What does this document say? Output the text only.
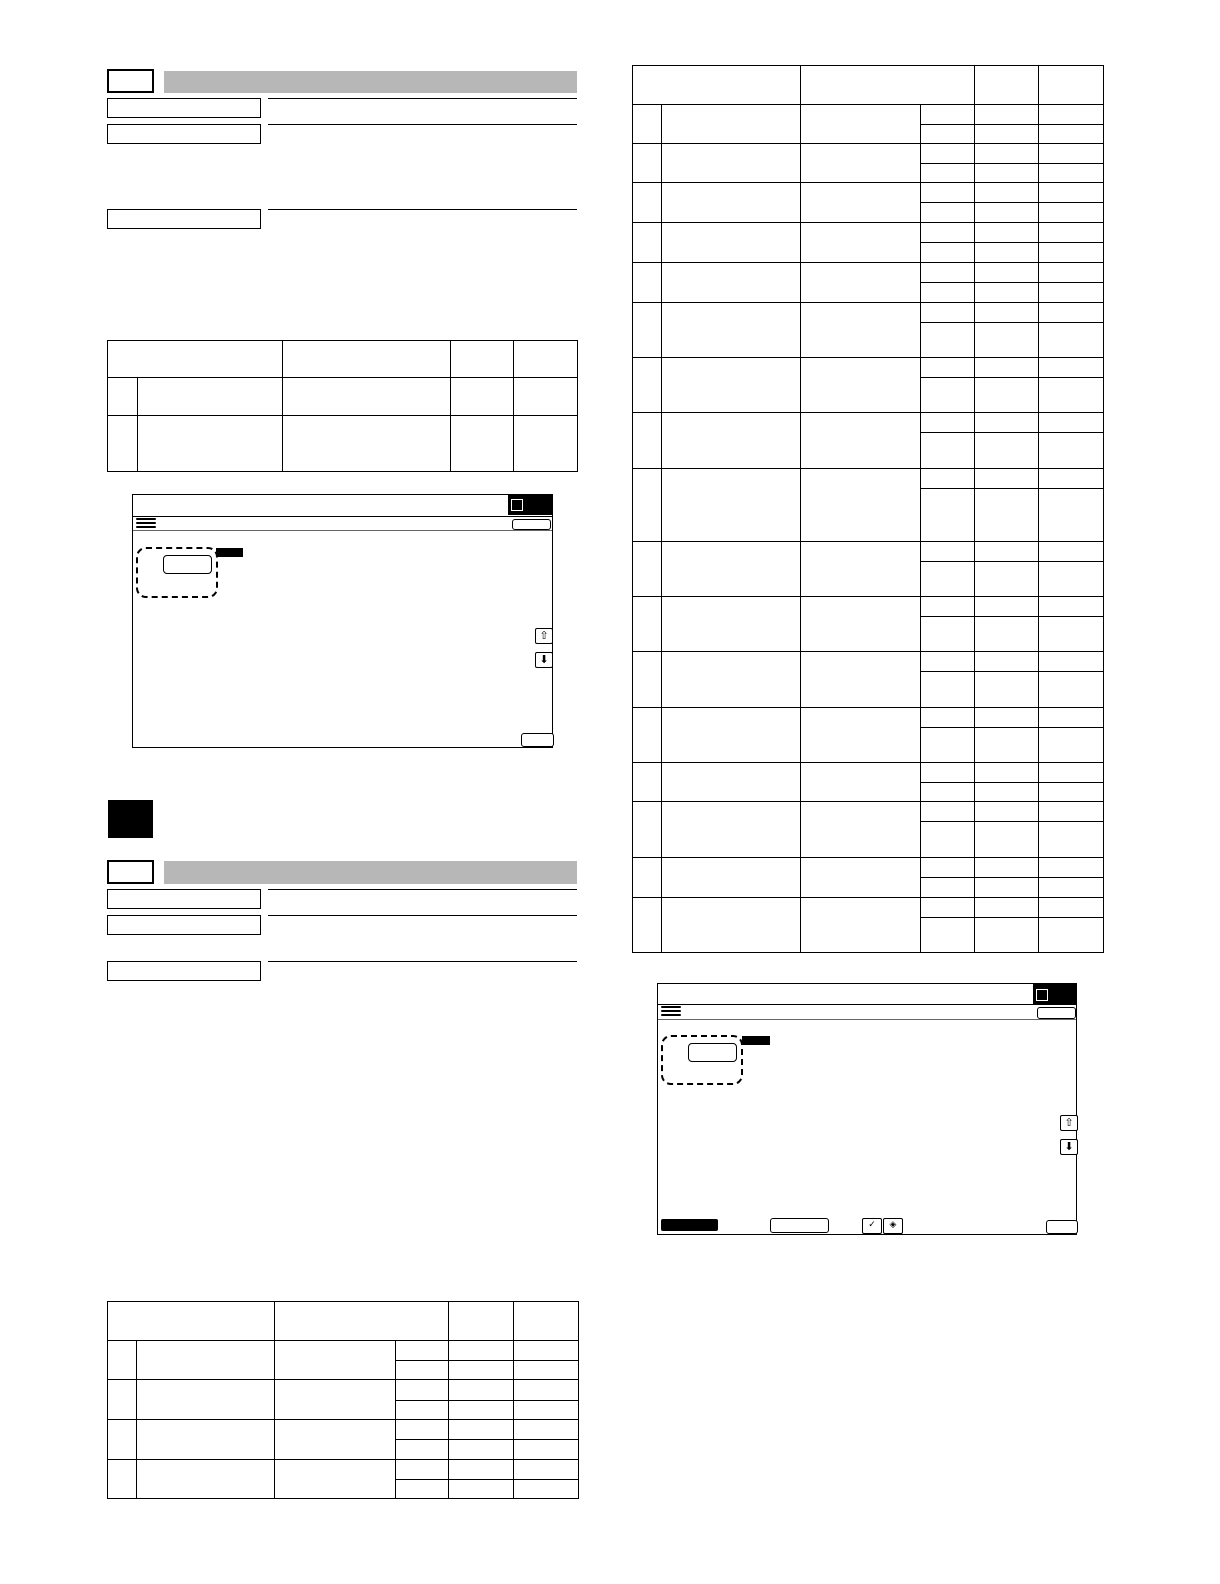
⇧
⬇

⇧
⬇
✓	◈
